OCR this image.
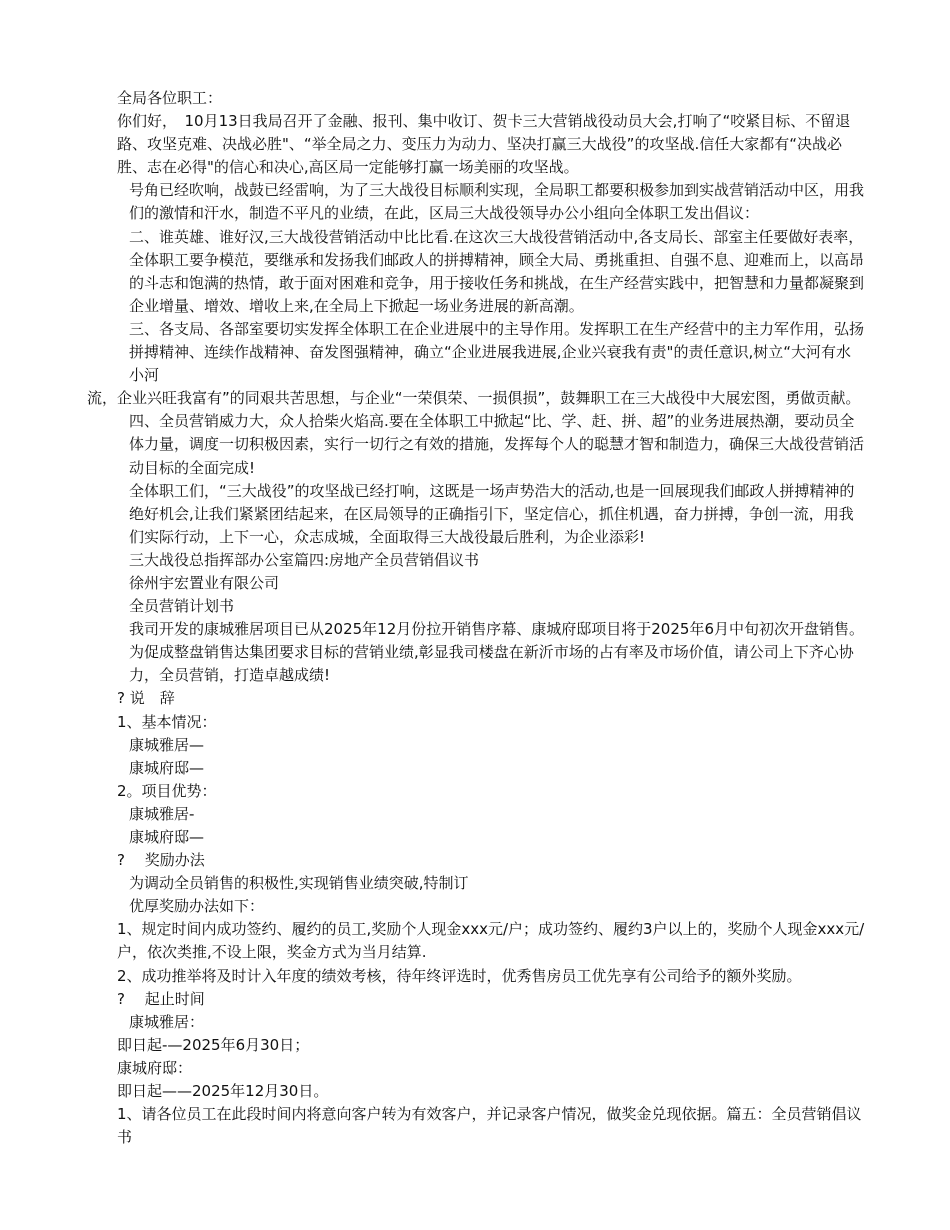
全局各位职工：

你们好，　10月13日我局召开了金融、报刊、集中收订、贺卡三大营销战役动员大会,打响了“咬紧目标、不留退路、攻坚克难、决战必胜"、“举全局之力、变压力为动力、坚决打赢三大战役”的攻坚战.信任大家都有“决战必胜、志在必得"的信心和决心,高区局一定能够打赢一场美丽的攻坚战。

号角已经吹响，战鼓已经雷响，为了三大战役目标顺利实现，全局职工都要积极参加到实战营销活动中区，用我们的激情和汗水，制造不平凡的业绩，在此，区局三大战役领导办公小组向全体职工发出倡议：

二、谁英雄、谁好汉,三大战役营销活动中比比看.在这次三大战役营销活动中,各支局长、部室主任要做好表率，全体职工要争模范，要继承和发扬我们邮政人的拼搏精神，顾全大局、勇挑重担、自强不息、迎难而上，以高昂的斗志和饱满的热情，敢于面对困难和竞争，用于接收任务和挑战，在生产经营实践中，把智慧和力量都凝聚到企业增量、增效、增收上来,在全局上下掀起一场业务进展的新高潮。

三、各支局、各部室要切实发挥全体职工在企业进展中的主导作用。发挥职工在生产经营中的主力军作用，弘扬拼搏精神、连续作战精神、奋发图强精神，确立“企业进展我进展,企业兴衰我有责"的责任意识,树立“大河有水小河

流，企业兴旺我富有”的同艰共苦思想，与企业“一荣俱荣、一损俱损”，鼓舞职工在三大战役中大展宏图，勇做贡献。

四、全员营销威力大，众人拾柴火焰高.要在全体职工中掀起“比、学、赶、拼、超”的业务进展热潮，要动员全体力量，调度一切积极因素，实行一切行之有效的措施，发挥每个人的聪慧才智和制造力，确保三大战役营销活动目标的全面完成!

全体职工们，“三大战役”的攻坚战已经打响，这既是一场声势浩大的活动,也是一回展现我们邮政人拼搏精神的绝好机会,让我们紧紧团结起来，在区局领导的正确指引下，坚定信心，抓住机遇，奋力拼搏，争创一流，用我们实际行动，上下一心，众志成城，全面取得三大战役最后胜利，为企业添彩!

三大战役总指挥部办公室篇四:房地产全员营销倡议书

徐州宇宏置业有限公司

全员营销计划书

我司开发的康城雅居项目已从2025年12月份拉开销售序幕、康城府邸项目将于2025年6月中旬初次开盘销售。　为促成整盘销售达集团要求目标的营销业绩,彰显我司楼盘在新沂市场的占有率及市场价值，请公司上下齐心协力，全员营销，打造卓越成绩!

? 说　辞

1、基本情况：

康城雅居—

康城府邸—

2。项目优势：

康城雅居-

康城府邸—

?　 奖励办法

为调动全员销售的积极性,实现销售业绩突破,特制订

优厚奖励办法如下：

1、规定时间内成功签约、履约的员工,奖励个人现金xxx元/户；成功签约、履约3户以上的，奖励个人现金xxx元/户，依次类推,不设上限，奖金方式为当月结算.

2、成功推举将及时计入年度的绩效考核，待年终评选时，优秀售房员工优先享有公司给予的额外奖励。

?　 起止时间

康城雅居：

即日起-—2025年6月30日；

康城府邸：

即日起——2025年12月30日。

1、请各位员工在此段时间内将意向客户转为有效客户，并记录客户情况，做奖金兑现依据。篇五：全员营销倡议书
